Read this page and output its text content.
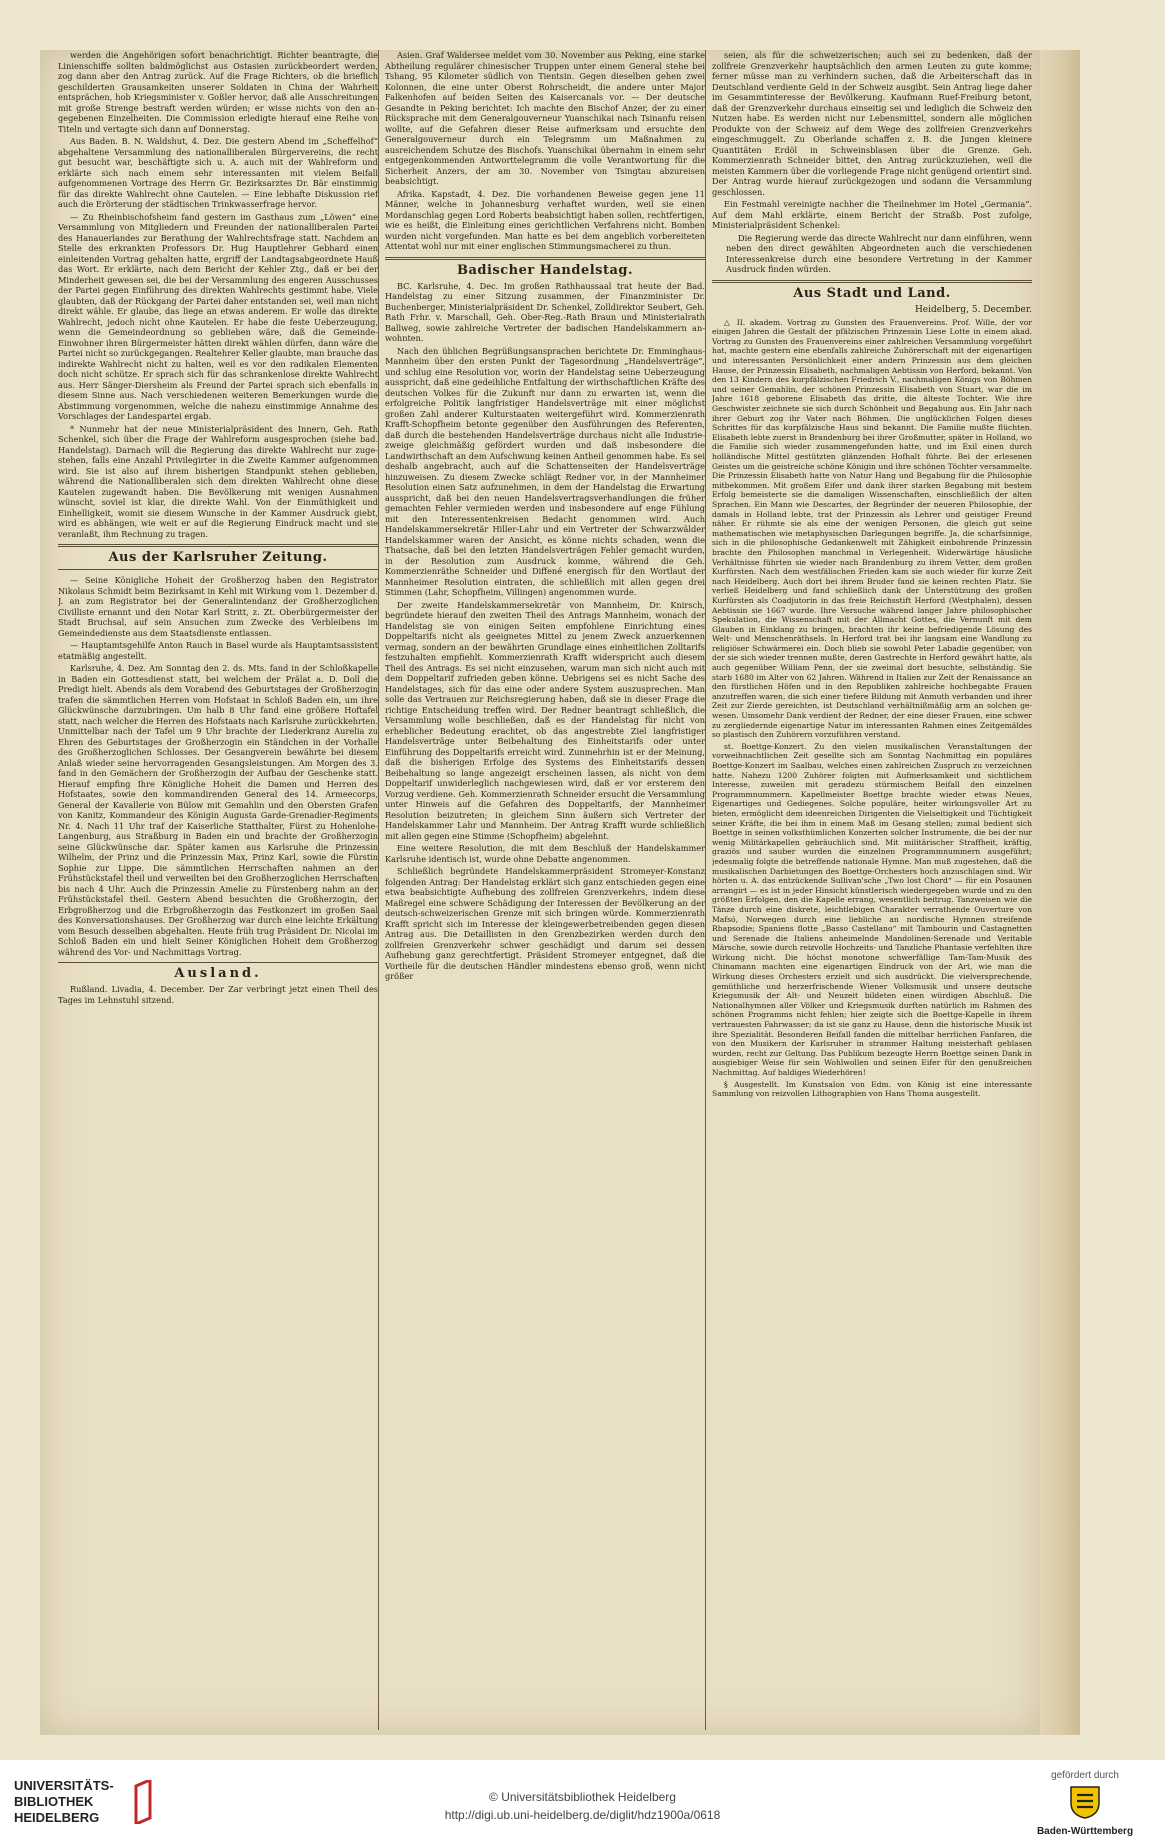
werden die Angehörigen sofort benachrichtigt. Richter beantragte, die Linienschiffe sollten baldmöglichst aus Ostasien zurückbeordert werden, zog dann aber den Antrag zurück. Auf die Frage Richters, ob die brieflich geschilderten Grausamkeiten unserer Soldaten in China der Wahrheit entsprächen, hob Kriegsminister v. Goßler hervor, daß alle Ausschreitungen mit große Strenge bestraft werden würden; er wisse nichts von den angegebenen Einzelheiten. Die Commission erledigte hierauf eine Reihe von Titeln und vertagte sich dann auf Donnerstag.

Aus Baden. B. N. Waldshut, 4. Dez. Die gestern Abend im „Scheffelhof“ abgehaltene Versammlung des nationalliberalen Bürgervereins, die recht gut besucht war, beschäftigte sich u. A. auch mit der Wahlreform und erklärte sich nach einem sehr interessanten mit vielem Beifall aufgenommenen Vortrage des Herrn Gr. Bezirksarztes Dr. Bär einstimmig für das direkte Wahlrecht ohne Cautelen. — Eine lebhafte Diskussion rief auch die Erörterung der städtischen Trinkwasserfrage hervor.

— Zu Rheinbischofsheim fand gestern im Gasthaus zum „Löwen“ eine Versammlung von Mitgliedern und Freunden der nationalliberalen Partei des Hanauerlandes zur Berathung der Wahlrechtsfrage statt. Nachdem an Stelle des erkrankten Professors Dr. Hug Hauptlehrer Gebhard einen einleitenden Vortrag gehalten hatte, ergriff der Landtagsabgeordnete Hauß das Wort. Er erklärte, nach dem Bericht der Kehler Ztg., daß er bei der Minderheit gewesen sei, die bei der Versammlung des engeren Ausschusses der Partei gegen Einführung des direkten Wahlrechts gestimmt habe. Viele glaubten, daß der Rückgang der Partei daher entstanden sei, weil man nicht direkt wähle. Er glaube, das liege an etwas anderem. Er wolle das direkte Wahlrecht, jedoch nicht ohne Kautelen. Er habe die feste Ueberzeugung, wenn die Gemeindeordnung so geblieben wäre, daß die Gemeinde-Einwohner ihren Bürgermeister hätten direkt wählen dürfen, dann wäre die Partei nicht so zurückgegangen. Realtehrer Keller glaubte, man brauche das indirekte Wahlrecht nicht zu halten, weil es vor den radikalen Elementen doch nicht schütze. Er sprach sich für das schrankenlose direkte Wahlrecht aus. Herr Sänger-Diersheim als Freund der Partei sprach sich ebenfalls in diesem Sinne aus. Nach verschiedenen weiteren Bemerkungen wurde die Abstimmung vorgenommen, welche die nahezu einstimmige Annahme des Vorschlages der Landespartei ergab.

* Nunmehr hat der neue Ministerialpräsident des Innern, Geh. Rath Schenkel, sich über die Frage der Wahlreform ausgesprochen (siehe bad. Handelstag). Darnach will die Regierung das direkte Wahlrecht nur zugestehen, falls eine Anzahl Privilegirter in die Zweite Kammer aufgenommen wird. Sie ist also auf ihrem bisherigen Standpunkt stehen geblieben, während die Nationalliberalen sich dem direkten Wahlrecht ohne diese Kautelen zugewandt haben. Die Bevölkerung mit wenigen Ausnahmen wünscht, soviel ist klar, die direkte Wahl. Von der Einmüthigkeit und Einhelligkeit, womit sie diesem Wunsche in der Kammer Ausdruck giebt, wird es abhängen, wie weit er auf die Regierung Eindruck macht und sie veranlaßt, ihm Rechnung zu tragen.

Aus der Karlsruher Zeitung.

— Seine Königliche Hoheit der Großherzog haben den Registrator Nikolaus Schmidt beim Bezirksamt in Kehl mit Wirkung vom 1. Dezember d. J. an zum Registrator bei der Generalintendanz der Großherzoglichen Civilliste ernannt und den Notar Karl Stritt, z. Zt. Oberbürgermeister der Stadt Bruchsal, auf sein Ansuchen zum Zwecke des Verbleibens im Gemeindedienste aus dem Staatsdienste entlassen.

— Hauptamtsgehilfe Anton Rauch in Basel wurde als Hauptamtsassistent etatmäßig angestellt.

Karlsruhe, 4. Dez. Am Sonntag den 2. ds. Mts. fand in der Schloßkapelle in Baden ein Gottesdienst statt, bei welchem der Prälat a. D. Doll die Predigt hielt. Abends als dem Vorabend des Geburtstages der Großherzogin trafen die sämmtlichen Herren vom Hofstaat in Schloß Baden ein, um ihre Glückwünsche darzubringen. Um halb 8 Uhr fand eine größere Hoftafel statt, nach welcher die Herren des Hofstaats nach Karlsruhe zurückkehrten. Unmittelbar nach der Tafel um 9 Uhr brachte der Liederkranz Aurelia zu Ehren des Geburtstages der Großherzogin ein Ständchen in der Vorhalle des Großherzoglichen Schlosses. Der Gesangverein bewährte bei diesem Anlaß wieder seine hervorragenden Gesangsleistungen. Am Morgen des 3. fand in den Gemächern der Großherzogin der Aufbau der Geschenke statt. Hierauf empfing Ihre Königliche Hoheit die Damen und Herren des Hofstaates, sowie den kommandirenden General des 14. Armeecorps, General der Kavallerie von Bülow mit Gemahlin und den Obersten Grafen von Kanitz, Kommandeur des Königin Augusta Garde-Grenadier-Regiments Nr. 4. Nach 11 Uhr traf der Kaiserliche Statthalter, Fürst zu Hohenlohe-Langenburg, aus Straßburg in Baden ein und brachte der Großherzogin seine Glückwünsche dar. Später kamen aus Karlsruhe die Prinzessin Wilhelm, der Prinz und die Prinzessin Max, Prinz Karl, sowie die Fürstin Sophie zur Lippe. Die sämmtlichen Herrschaften nahmen an der Frühstückstafel theil und verweilten bei den Großherzoglichen Herrschaften bis nach 4 Uhr. Auch die Prinzessin Amelie zu Fürstenberg nahm an der Frühstückstafel theil. Gestern Abend besuchten die Großherzogin, der Erbgroßherzog und die Erbgroßherzogin das Festkonzert im großen Saal des Konversationshauses. Der Großherzog war durch eine leichte Erkältung vom Besuch desselben abgehalten. Heute früh trug Präsident Dr. Nicolai im Schloß Baden ein und hielt Seiner Königlichen Hoheit dem Großherzog während des Vor- und Nachmittags Vortrag.

Ausland.

Rußland. Livadia, 4. December. Der Zar verbringt jetzt einen Theil des Tages im Lehnstuhl sitzend.

Asien. Graf Waldersee meldet vom 30. November aus Peking, eine starke Abtheilung regulärer chinesischer Truppen unter einem General stehe bei Tshang, 95 Kilometer südlich von Tientsin. Gegen dieselben gehen zwei Kolonnen, die eine unter Oberst Rohrscheidt, die andere unter Major Falkenhofen auf beiden Seiten des Kaisercanals vor. — Der deutsche Gesandte in Peking berichtet: Ich machte den Bischof Anzer, der zu einer Rücksprache mit dem Generalgouverneur Yuanschikai nach Tsinanfu reisen wollte, auf die Gefahren dieser Reise aufmerksam und ersuchte den Generalgouverneur durch ein Telegramm um Maßnahmen zu ausreichendem Schutze des Bischofs. Yuanschikai übernahm in einem sehr entgegenkommenden Antworttelegramm die volle Verantwortung für die Sicherheit Anzers, der am 30. November von Tsingtau abzureisen beabsichtigt.

Afrika. Kapstadt, 4. Dez. Die vorhandenen Beweise gegen jene 11 Männer, welche in Johannesburg verhaftet wurden, weil sie einen Mordanschlag gegen Lord Roberts beabsichtigt haben sollen, rechtfertigen, wie es heißt, die Einleitung eines gerichtlichen Verfahrens nicht. Bomben wurden nicht vorgefunden. Man hatte es bei dem angeblich vorbereiteten Attentat wohl nur mit einer englischen Stimmungsmacherei zu thun.

Badischer Handelstag.

BC. Karlsruhe, 4. Dec. Im großen Rathhaussaal trat heute der Bad. Handelstag zu einer Sitzung zusammen, der Finanzminister Dr. Buchenberger, Ministerialpräsident Dr. Schenkel, Zolldirektor Seubert, Geh. Rath Frhr. v. Marschall, Geh. Ober-Reg.-Rath Braun und Ministerialrath Ballweg, sowie zahlreiche Vertreter der badischen Handelskammern anwohnten.

Nach den üblichen Begrüßungsansprachen berichtete Dr. Emminghaus-Mannheim über den ersten Punkt der Tagesordnung „Handelsverträge“, und schlug eine Resolution vor, worin der Handelstag seine Ueberzeugung ausspricht, daß eine gedeihliche Entfaltung der wirthschaftlichen Kräfte des deutschen Volkes für die Zukunft nur dann zu erwarten ist, wenn die erfolgreiche Politik langfristiger Handelsverträge mit einer möglichst großen Zahl anderer Kulturstaaten weitergeführt wird. Kommerzienrath Krafft-Schopfheim betonte gegenüber den Ausführungen des Referenten, daß durch die bestehenden Handelsverträge durchaus nicht alle Industriezweige gleichmäßig gefördert wurden und daß insbesondere die Landwirthschaft an dem Aufschwung keinen Antheil genommen habe. Es sei deshalb angebracht, auch auf die Schattenseiten der Handelsverträge hinzuweisen. Zu diesem Zwecke schlägt Redner vor, in der Mannheimer Resolution einen Satz aufzunehmen, in dem der Handelstag die Erwartung ausspricht, daß bei den neuen Handelsvertragsverhandlungen die früher gemachten Fehler vermieden werden und insbesondere auf enge Fühlung mit den Interessentenkreisen Bedacht genommen wird. Auch Handelskammersekretär Hiller-Lahr und ein Vertreter der Schwarzwälder Handelskammer waren der Ansicht, es könne nichts schaden, wenn die Thatsache, daß bei den letzten Handelsverträgen Fehler gemacht wurden, in der Resolution zum Ausdruck komme, während die Geh. Kommerzienräthe Schneider und Diffené energisch für den Wortlaut der Mannheimer Resolution eintraten, die schließlich mit allen gegen drei Stimmen (Lahr, Schopfheim, Villingen) angenommen wurde.

Der zweite Handelskammersekretär von Mannheim, Dr. Knirsch, begründete hierauf den zweiten Theil des Antrags Mannheim, wonach der Handelstag sie von einigen Seiten empfohlene Einrichtung eines Doppeltarifs nicht als geeignetes Mittel zu jenem Zweck anzuerkennen vermag, sondern an der bewährten Grundlage eines einheitlichen Zolltarifs festzuhalten empfiehlt. Kommerzienrath Krafft widerspricht auch diesem Theil des Antrags. Es sei nicht einzusehen, warum man sich nicht auch mit dem Doppeltarif zufrieden geben könne. Uebrigens sei es nicht Sache des Handelstages, sich für das eine oder andere System auszusprechen. Man solle das Vertrauen zur Reichsregierung haben, daß sie in dieser Frage die richtige Entscheidung treffen wird. Der Redner beantragt schließlich, die Versammlung wolle beschließen, daß es der Handelstag für nicht von erheblicher Bedeutung erachtet, ob das angestrebte Ziel langfristiger Handelsverträge unter Beibehaltung des Einheitstarifs oder unter Einführung des Doppeltarifs erreicht wird. Zunmehrhin ist er der Meinung, daß die bisherigen Erfolge des Systems des Einheitstarifs dessen Beibehaltung so lange angezeigt erscheinen lassen, als nicht von dem Doppeltarif unwiderleglich nachgewiesen wird, daß er vor ersterem den Vorzug verdiene. Geh. Kommerzienrath Schneider ersucht die Versammlung unter Hinweis auf die Gefahren des Doppeltarifs, der Mannheimer Resolution beizutreten; in gleichem Sinn äußern sich Vertreter der Handelskammer Lahr und Mannheim. Der Antrag Krafft wurde schließlich mit allen gegen eine Stimme (Schopfheim) abgelehnt.

Eine weitere Resolution, die mit dem Beschluß der Handelskammer Karlsruhe identisch ist, wurde ohne Debatte angenommen.

Schließlich begründete Handelskammerpräsident Stromeyer-Konstanz folgenden Antrag: Der Handelstag erklärt sich ganz entschieden gegen eine etwa beabsichtigte Aufhebung des zollfreien Grenzverkehrs, indem diese Maßregel eine schwere Schädigung der Interessen der Bevölkerung an der deutsch-schweizerischen Grenze mit sich bringen würde. Kommerzienrath Krafft spricht sich im Interesse der kleingewerbetreibenden gegen diesen Antrag aus. Die Detaillisten in den Grenzbezirken werden durch den zollfreien Grenzverkehr schwer geschädigt und darum sei dessen Aufhebung ganz gerechtfertigt. Präsident Stromeyer entgegnet, daß die Vortheile für die deutschen Händler mindestens ebenso groß, wenn nicht größer

seien, als für die schweizerischen; auch sei zu bedenken, daß der zollfreie Grenzverkehr hauptsächlich den armen Leuten zu gute komme; ferner müsse man zu verhindern suchen, daß die Arbeiterschaft das in Deutschland verdiente Geld in der Schweiz ausgibt. Sein Antrag liege daher im Gesammtinteresse der Bevölkerung. Kaufmann Ruef-Freiburg betont, daß der Grenzverkehr durchaus einseitig sei und lediglich die Schweiz den Nutzen habe. Es werden nicht nur Lebensmittel, sondern alle möglichen Produkte von der Schweiz auf dem Wege des zollfreien Grenzverkehrs eingeschmuggelt. Zu Oberlande schaffen z. B. die Jungen kleinere Quantitäten Erdöl in Schweinsblasen über die Grenze. Geh. Kommerzienrath Schneider bittet, den Antrag zurückzuziehen, weil die meisten Kammern über die vorliegende Frage nicht genügend orientirt sind. Der Antrag wurde hierauf zurückgezogen und sodann die Versammlung geschlossen.

Ein Festmahl vereinigte nachher die Theilnehmer im Hotel „Germania“. Auf dem Mahl erklärte, einem Bericht der Straßb. Post zufolge, Ministerialpräsident Schenkel:

Die Regierung werde das directe Wahlrecht nur dann einführen, wenn neben den direct gewählten Abgeordneten auch die verschiedenen Interessenkreise durch eine besondere Vertretung in der Kammer Ausdruck finden würden.

Aus Stadt und Land.
Heidelberg, 5. December.

△ II. akadem. Vortrag zu Gunsten des Frauenvereins. Prof. Wille, der vor einigen Jahren die Gestalt der pfälzischen Prinzessin Liese Lotte in einem akad. Vortrag zu Gunsten des Frauenvereins einer zahlreichen Versammlung vorgeführt hat, machte gestern eine ebenfalls zahlreiche Zuhörerschaft mit der eigenartigen und interessanten Persönlichkeit einer andern Prinzessin aus dem gleichen Hause, der Prinzessin Elisabeth, nachmaligen Aebtissin von Herford, bekannt. Von den 13 Kindern des kurpfälzischen Friedrich V., nachmaligen Königs von Böhmen und seiner Gemahlin, der schönen Prinzessin Elisabeth von Stuart, war die im Jahre 1618 geborene Elisabeth das dritte, die älteste Tochter. Wie ihre Geschwister zeichnete sie sich durch Schönheit und Begabung aus. Ein Jahr nach ihrer Geburt zog ihr Vater nach Böhmen. Die unglücklichen Folgen dieses Schrittes für das kurpfälzische Haus sind bekannt. Die Familie mußte flüchten. Elisabeth lebte zuerst in Brandenburg bei ihrer Großmutter, später in Holland, wo die Familie sich wieder zusammengefunden hatte, und im Exil einen durch holländische Mittel gestützten glänzenden Hofhalt führte. Bei der erlesenen Geistes um die geistreiche schöne Königin und ihre schönen Töchter versammelte. Die Prinzessin Elisabeth hatte von Natur Hang und Begabung für die Philosophie mitbekommen. Mit großem Eifer und dank ihrer starken Begabung mit bestem Erfolg bemeisterte sie die damaligen Wissenschaften, einschließlich der alten Sprachen. Ein Mann wie Descartes, der Begründer der neueren Philosophie, der damals in Holland lebte, trat der Prinzessin als Lehrer und geistiger Freund näher. Er rühmte sie als eine der wenigen Personen, die gleich gut seine mathematischen wie metaphysischen Darlegungen begriffe. Ja, die scharfsinnige, sich in die philosophische Gedankenwelt mit Zähigkeit einbohrende Prinzessin brachte den Philosophen manchmal in Verlegenheit. Widerwärtige häusliche Verhältnisse führten sie wieder nach Brandenburg zu ihrem Vetter, dem großen Kurfürsten. Nach dem westfälischen Frieden kam sie auch wieder für kurze Zeit nach Heidelberg. Auch dort bei ihrem Bruder fand sie keinen rechten Platz. Sie verließ Heidelberg und fand schließlich dank der Unterstützung des großen Kurfürsten als Coadjutorin in das freie Reichsstift Herford (Westphalen), dessen Aebtissin sie 1667 wurde. Ihre Versuche während langer Jahre philosophischer Spekulation, die Wissenschaft mit der Allmacht Gottes, die Vernunft mit dem Glauben in Einklang zu bringen, brachten ihr keine befriedigende Lösung des Welt- und Menschenräthsels. In Herford trat bei ihr langsam eine Wandlung zu religiöser Schwärmerei ein. Doch blieb sie sowohl Peter Labadie gegenüber, von der sie sich wieder trennen mußte, deren Gastrechte in Herford gewährt hatte, als auch gegenüber William Penn, der sie zweimal dort besuchte, selbständig. Sie starb 1680 im Alter von 62 Jahren. Während in Italien zur Zeit der Renaissance an den fürstlichen Höfen und in den Republiken zahlreiche hochbegabte Frauen anzutreffen waren, die sich einer tiefere Bildung mit Anmuth verbanden und ihrer Zeit zur Zierde gereichten, ist Deutschland verhältnißmäßig arm an solchen gewesen. Umsomehr Dank verdient der Redner, der eine dieser Frauen, eine schwer zu zergliedernde eigenartige Natur im interessanten Rahmen eines Zeitgemäldes so plastisch den Zuhörern vorzuführen verstand.

st. Boettge-Konzert. Zu den vielen musikalischen Veranstaltungen der vorweihnachtlichen Zeit gesellte sich am Sonntag Nachmittag ein populäres Boettge-Konzert im Saalbau, welches einen zahlreichen Zuspruch zu verzeichnen hatte. Nahezu 1200 Zuhörer folgten mit Aufmerksamkeit und sichtlichem Interesse, zuweilen mit geradezu stürmischem Beifall den einzelnen Programmnummern. Kapellmeister Boettge brachte wieder etwas Neues, Eigenartiges und Gediegenes. Solche populäre, heiter wirkungsvoller Art zu bieten, ermöglicht dem ideenreichen Dirigenten die Vielseitigkeit und Tüchtigkeit seiner Kräfte, die bei ihm in einem Maß im Gesang stellen; zumal bedient sich Boettge in seinen volksthümlichen Konzerten solcher Instrumente, die bei der nur wenig Militärkapellen gebräuchlich sind. Mit militärischer Straffheit, kräftig, graziös und sauber wurden die einzelnen Programmnummern ausgeführt; jedesmalig folgte die betreffende nationale Hymne. Man muß zugestehen, daß die musikalischen Darbietungen des Boettge-Orchesters hoch anzuschlagen sind. Wir hörten u. A. das entzückende Sullivan'sche „Two lost Chord“ — für ein Posaunen arrangirt — es ist in jeder Hinsicht künstlerisch wiedergegeben wurde und zu den größten Erfolgen, den die Kapelle errang, wesentlich beitrug. Tanzweisen wie die Tänze durch eine diskrete, leichtlebigen Charakter verrathende Ouverture von Mafsó, Norwegen durch eine liebliche an nordische Hymnen streifende Rhapsodie; Spaniens flotte „Basso Castellano“ mit Tambourin und Castagnetten und Serenade die Italiens anheimelnde Mandolinen-Serenade und Veritable Märsche, sowie durch reizvolle Hochzeits- und Tanzliche Phantasie verfehlten ihre Wirkung nicht. Die höchst monotone schwerfällige Tam-Tam-Musik des Chinamann machten eine eigenartigen Eindruck von der Art, wie man die Wirkung dieses Orchesters erzielt und sich ausdrückt. Die vielversprechende, gemüthliche und herzerfrischende Wiener Volksmusik und unsere deutsche Kriegsmusik der Alt- und Neuzeit bildeten einen würdigen Abschluß. Die Nationalhymnen aller Völker und Kriegsmusik durften natürlich im Rahmen des schönen Programms nicht fehlen; hier zeigte sich die Boettge-Kapelle in ihrem vertrauesten Fahrwasser; da ist sie ganz zu Hause, denn die historische Musik ist ihre Spezialität. Besonderen Beifall fanden die mittelbar herrlichen Fanfaren, die von den Musikern der Karlsruher in strammer Haltung meisterhaft geblasen wurden, recht zur Geltung. Das Publikum bezeugte Herrn Boettge seinen Dank in ausgiebiger Weise für sein Wohlwollen und seinen Eifer für den genußreichen Nachmittag. Auf baldiges Wiederhören!

§ Ausgestellt. Im Kunstsalon von Edm. von König ist eine interessante Sammlung von reizvollen Lithographien von Hans Thoma ausgestellt.

UNIVERSITÄTS-BIBLIOTHEK HEIDELBERG
© Universitätsbibliothek Heidelberg
http://digi.ub.uni-heidelberg.de/diglit/hdz1900a/0618
gefördert durch
Baden-Württemberg
